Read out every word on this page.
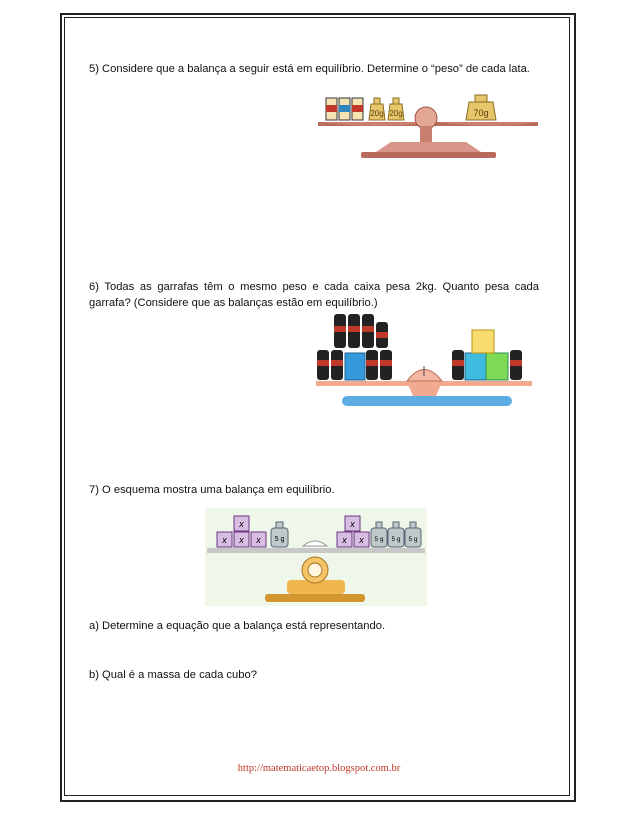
5) Considere que a balança a seguir está em equilíbrio. Determine o “peso” de cada lata.
20g 20g	70g
6) Todas as garrafas têm o mesmo peso e cada caixa pesa 2kg. Quanto pesa cada garrafa? (Considere que as balanças estão em equilíbrio.)
7) O esquema mostra uma balança em equilíbrio.
x x x
x
5 g	x x
x
5 g 5 g 5 g
a) Determine a equação que a balança está representando.
b) Qual é a massa de cada cubo?
http://matematicaetop.blogspot.com.br
